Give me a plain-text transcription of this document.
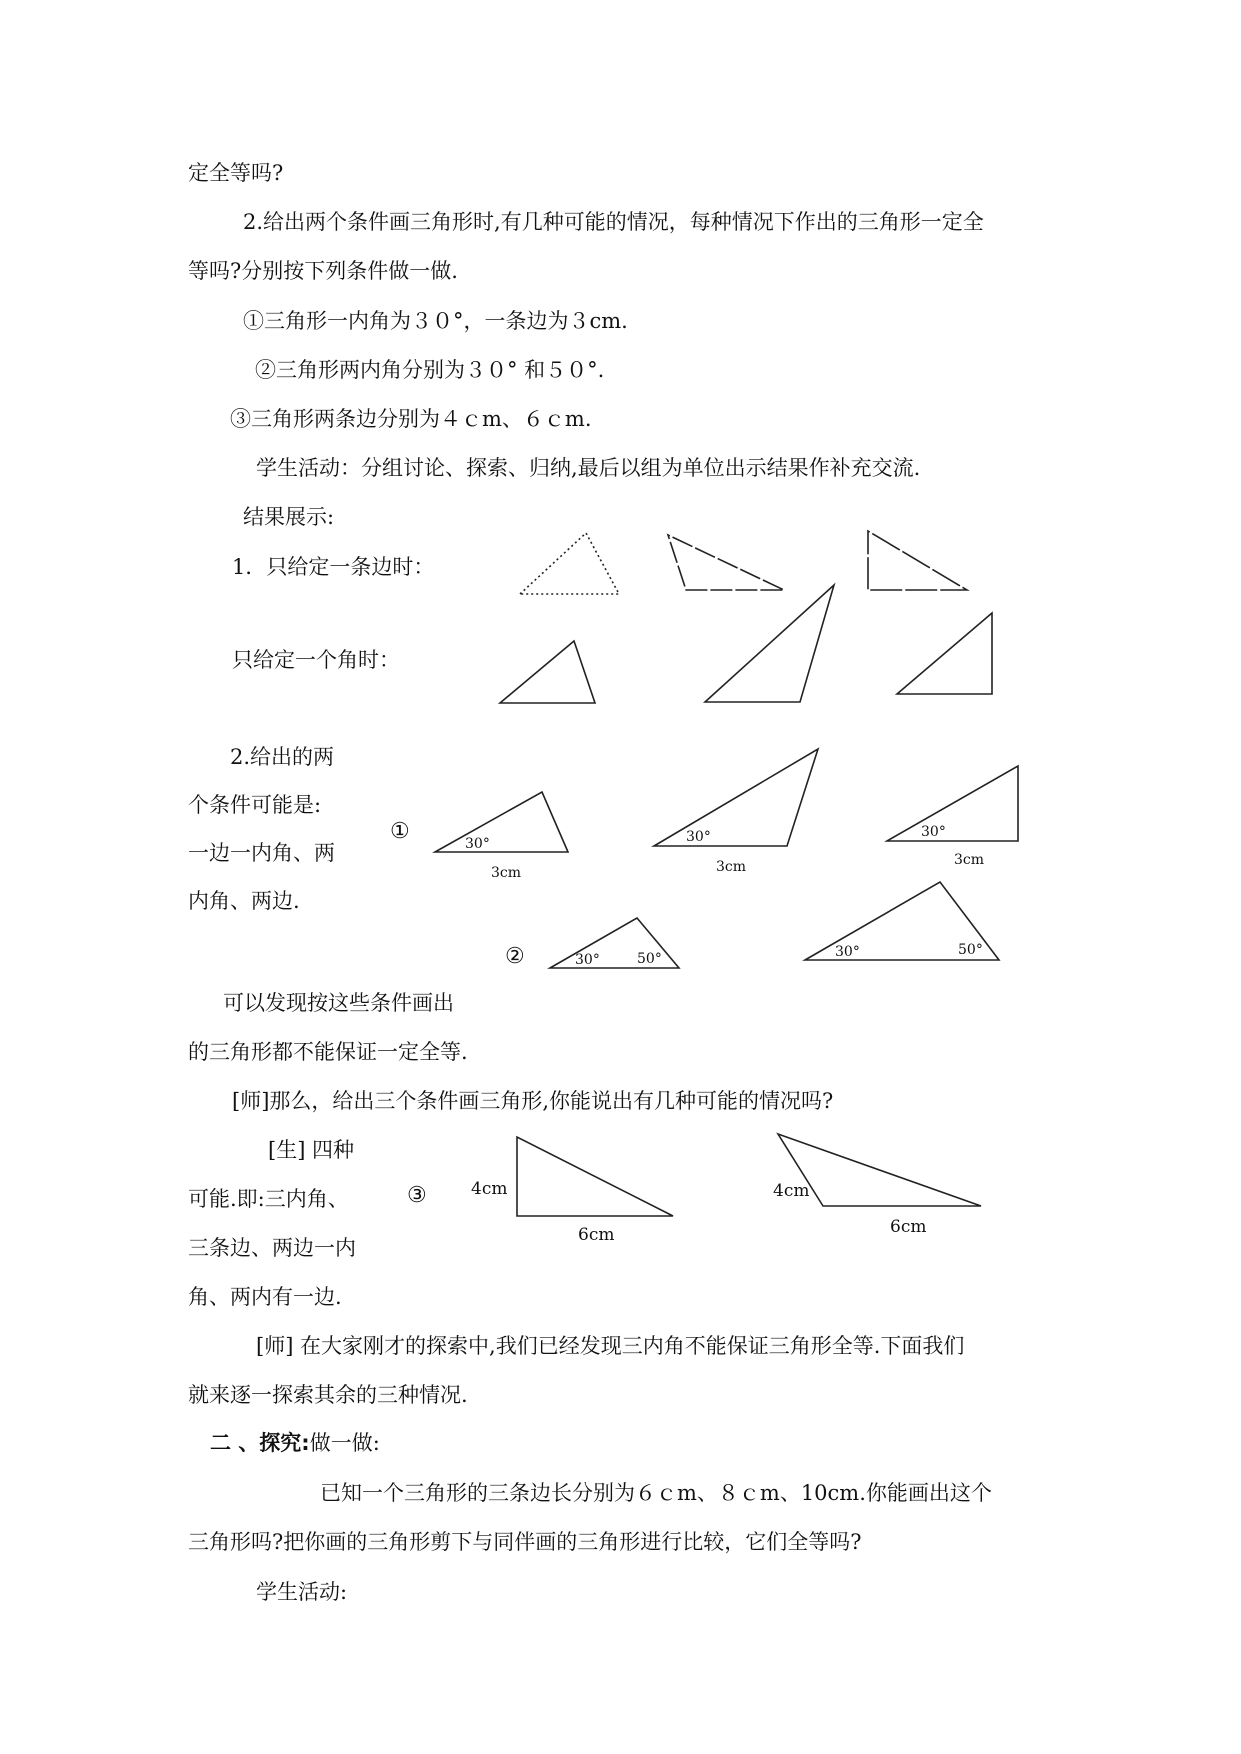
定全等吗?
2.给出两个条件画三角形时,有几种可能的情况，每种情况下作出的三角形一定全
等吗?分别按下列条件做一做.
①三角形一内角为３０°，一条边为３cm.
②三角形两内角分别为３０° 和５０°.
③三角形两条边分别为４ｃm、６ｃm.
学生活动：分组讨论、探索、归纳,最后以组为单位出示结果作补充交流.
结果展示:
1．只给定一条边时：
只给定一个角时：
2.给出的两
个条件可能是:
一边一内角、两
内角、两边.
可以发现按这些条件画出
的三角形都不能保证一定全等.
[师]那么，给出三个条件画三角形,你能说出有几种可能的情况吗?
[生] 四种
可能.即:三内角、
三条边、两边一内
角、两内有一边.
[师] 在大家刚才的探索中,我们已经发现三内角不能保证三角形全等.下面我们
就来逐一探索其余的三种情况.
二 、探究:做一做:
已知一个三角形的三条边长分别为６ｃm、８ｃm、10cm.你能画出这个
三角形吗?把你画的三角形剪下与同伴画的三角形进行比较，它们全等吗?
学生活动:
①
②
③
30°
3cm
30°
3cm
30°
3cm
30°	50°	30°	50°
4cm
6cm
4cm
6cm
